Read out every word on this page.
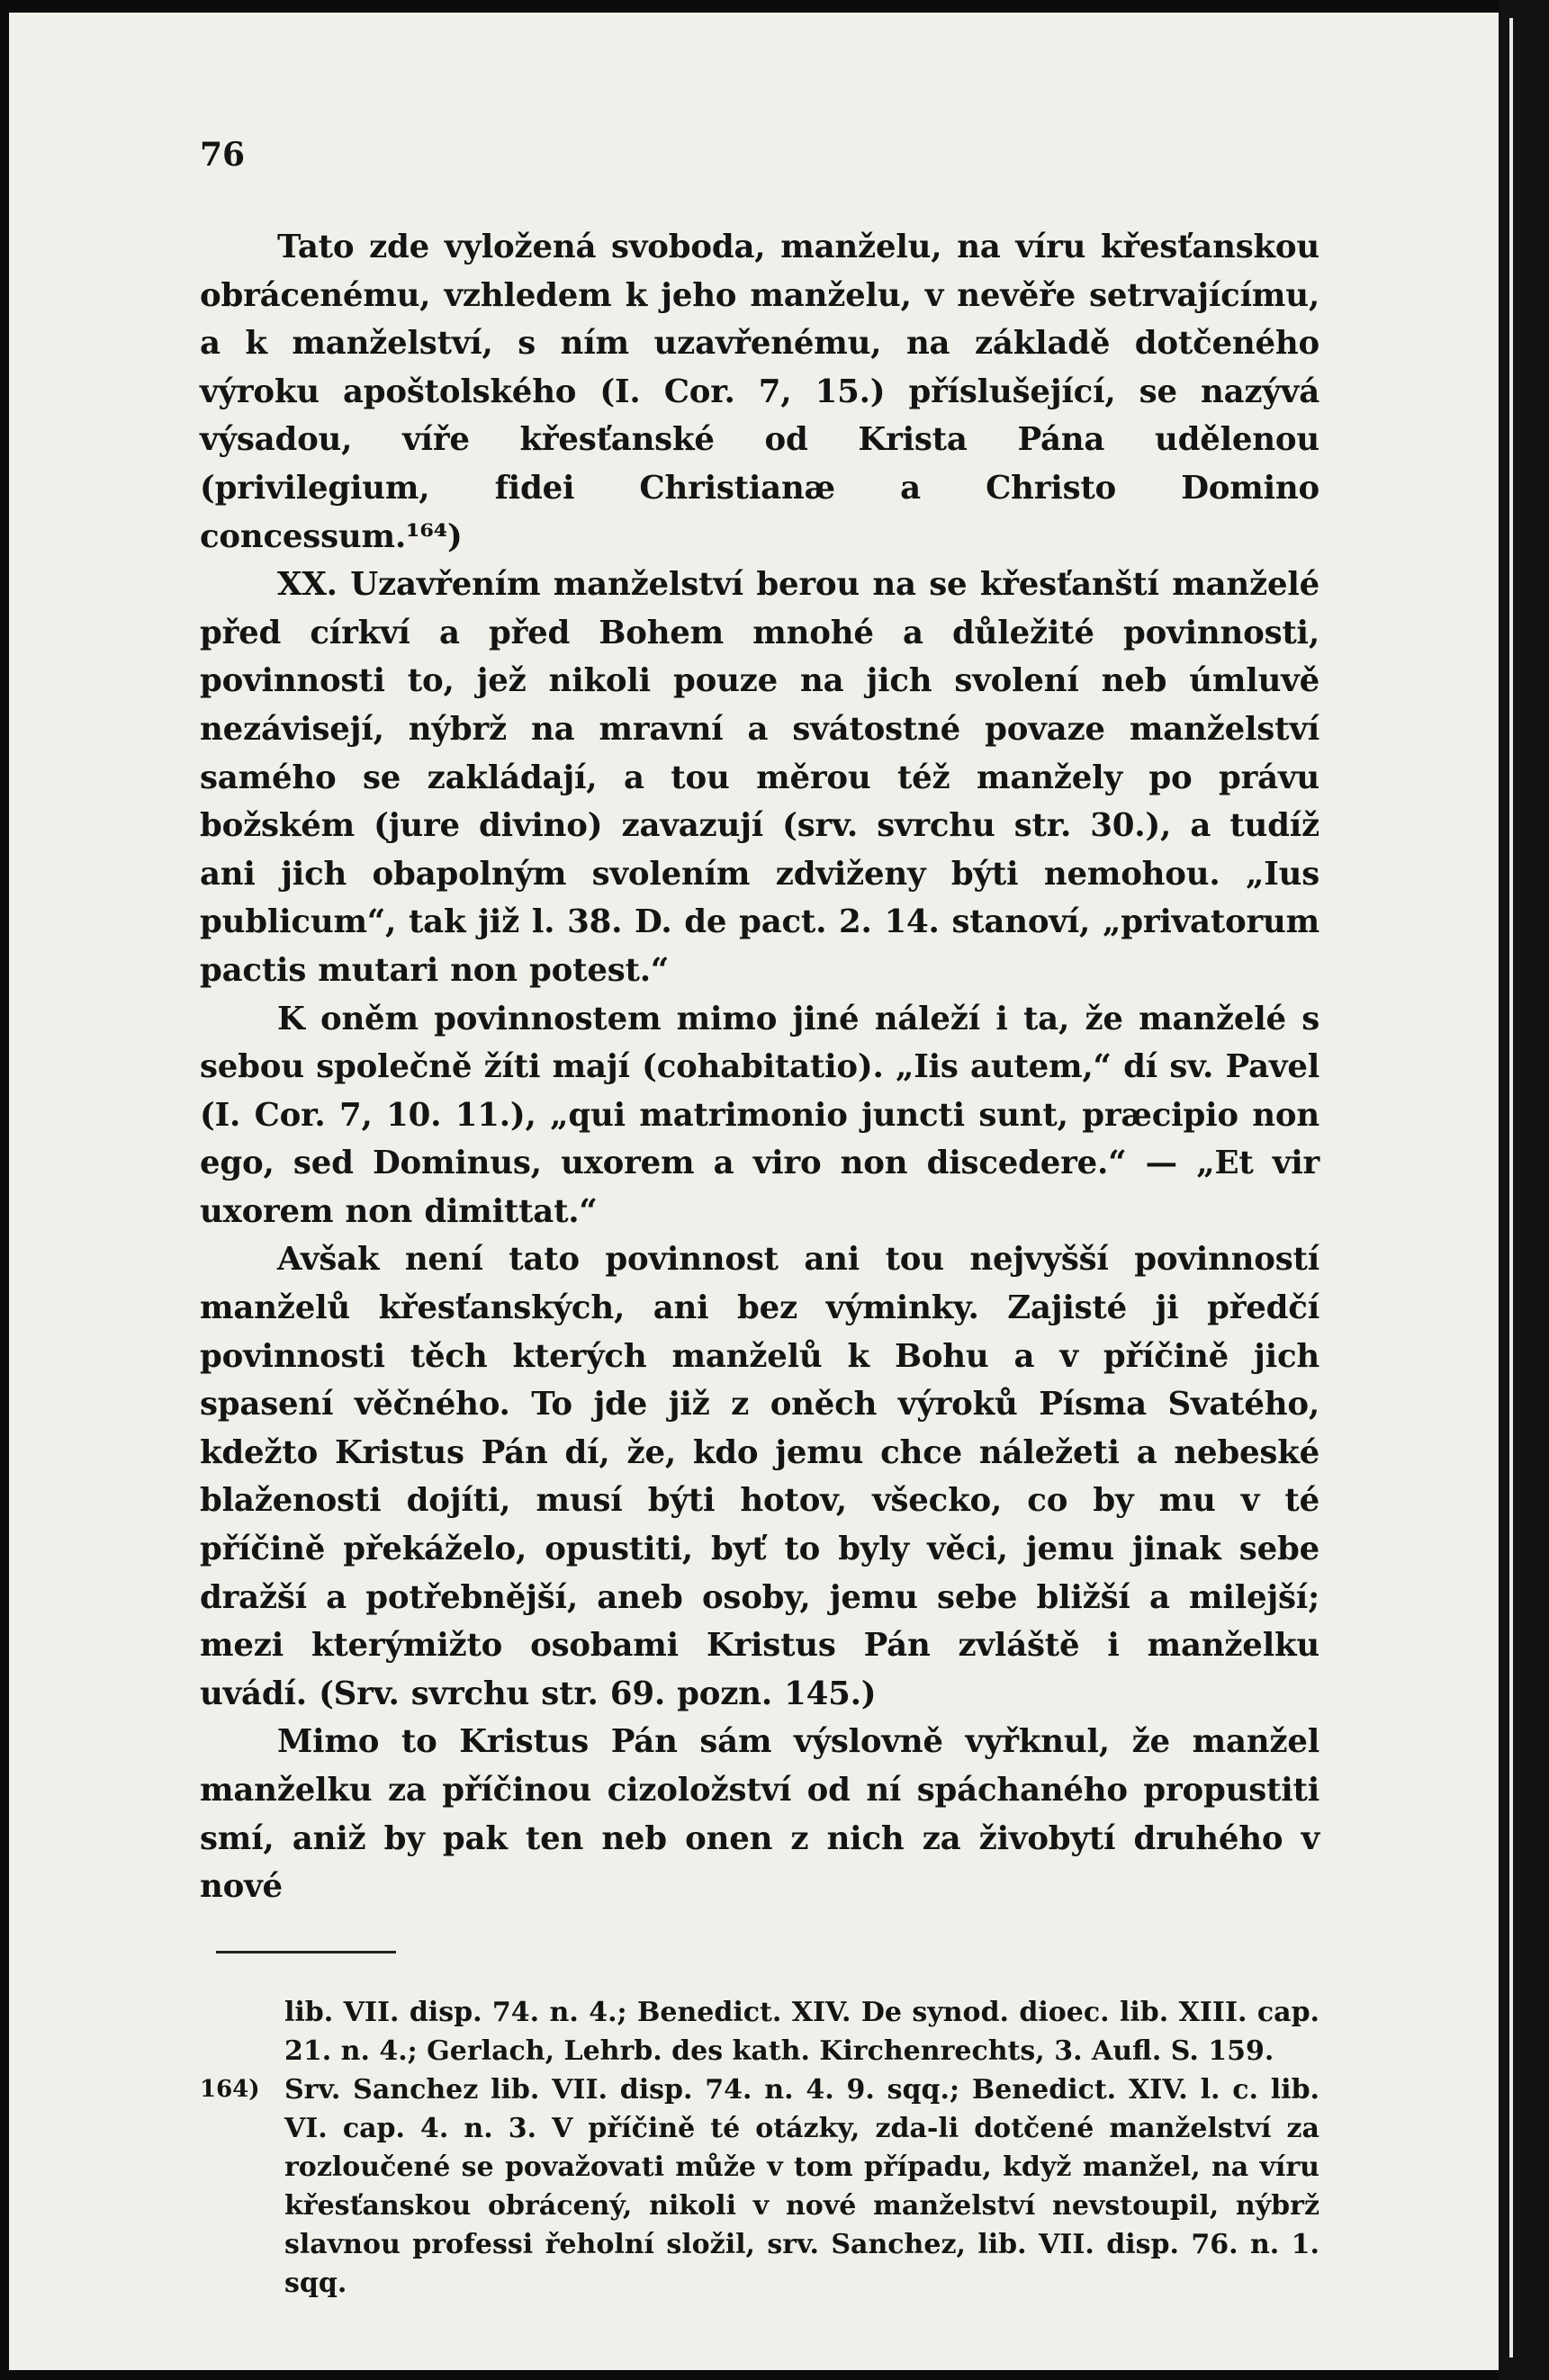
76

Tato zde vyložená svoboda, manželu, na víru křesťanskou obrácenému, vzhledem k jeho manželu, v nevěře setrvajícímu, a k manželství, s ním uzavřenému, na základě dotčeného výroku apoštolského (I. Cor. 7, 15.) příslušející, se nazývá výsadou, víře křesťanské od Krista Pána udělenou (privilegium, fidei Christianæ a Christo Domino concessum.¹⁶⁴)

XX. Uzavřením manželství berou na se křesťanští manželé před církví a před Bohem mnohé a důležité povinnosti, povinnosti to, jež nikoli pouze na jich svolení neb úmluvě nezávisejí, nýbrž na mravní a svátostné povaze manželství samého se zakládají, a tou měrou též manžely po právu božském (jure divino) zavazují (srv. svrchu str. 30.), a tudíž ani jich obapolným svolením zdviženy býti nemohou. „Ius publicum“, tak již l. 38. D. de pact. 2. 14. stanoví, „privatorum pactis mutari non potest.“

K oněm povinnostem mimo jiné náleží i ta, že manželé s sebou společně žíti mají (cohabitatio). „Iis autem,“ dí sv. Pavel (I. Cor. 7, 10. 11.), „qui matrimonio juncti sunt, præcipio non ego, sed Dominus, uxorem a viro non discedere.“ — „Et vir uxorem non dimittat.“

Avšak není tato povinnost ani tou nejvyšší povinností manželů křesťanských, ani bez výminky. Zajisté ji předčí povinnosti těch kterých manželů k Bohu a v příčině jich spasení věčného. To jde již z oněch výroků Písma Svatého, kdežto Kristus Pán dí, že, kdo jemu chce náležeti a nebeské blaženosti dojíti, musí býti hotov, všecko, co by mu v té příčině překáželo, opustiti, byť to byly věci, jemu jinak sebe dražší a potřebnější, aneb osoby, jemu sebe bližší a milejší; mezi kterýmižto osobami Kristus Pán zvláště i manželku uvádí. (Srv. svrchu str. 69. pozn. 145.)

Mimo to Kristus Pán sám výslovně vyřknul, že manžel manželku za příčinou cizoložství od ní spáchaného propustiti smí, aniž by pak ten neb onen z nich za živobytí druhého v nové

lib. VII. disp. 74. n. 4.; Benedict. XIV. De synod. dioec. lib. XIII. cap. 21. n. 4.; Gerlach, Lehrb. des kath. Kirchenrechts, 3. Aufl. S. 159.

164) Srv. Sanchez lib. VII. disp. 74. n. 4. 9. sqq.; Benedict. XIV. l. c. lib. VI. cap. 4. n. 3. V příčině té otázky, zda-li dotčené manželství za rozloučené se považovati může v tom případu, když manžel, na víru křesťanskou obrácený, nikoli v nové manželství nevstoupil, nýbrž slavnou professi řeholní složil, srv. Sanchez, lib. VII. disp. 76. n. 1. sqq.
